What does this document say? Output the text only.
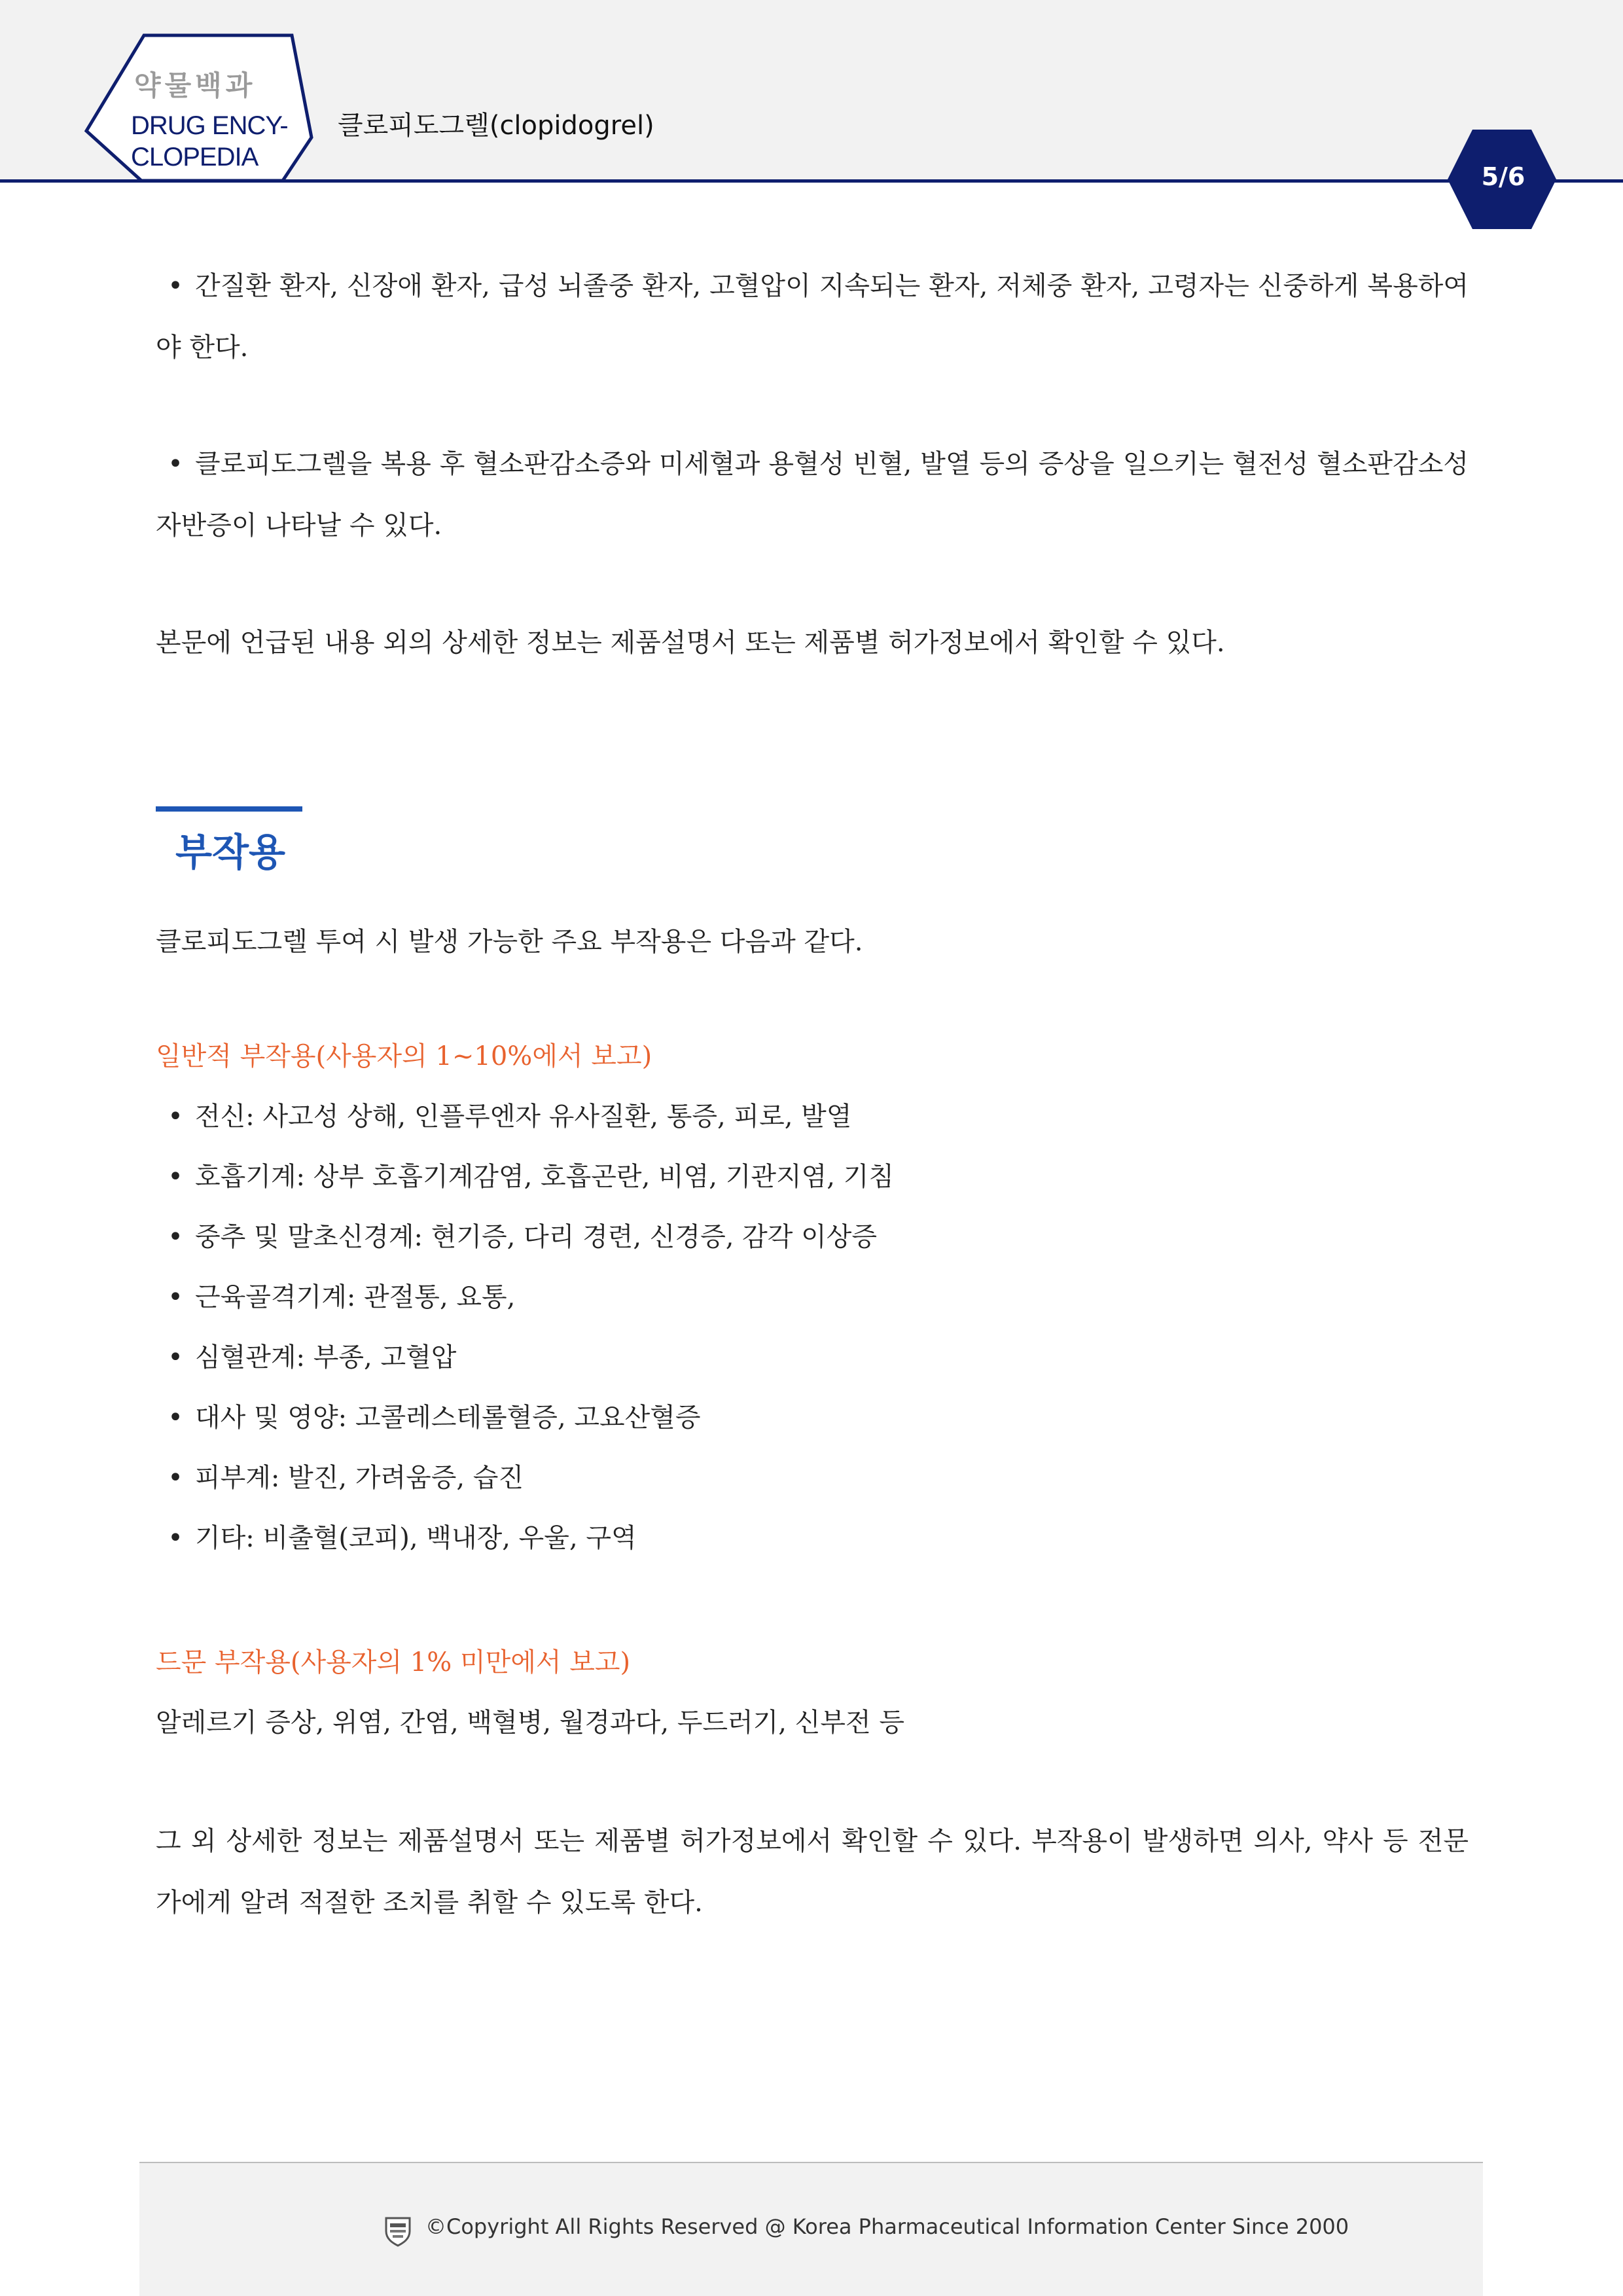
약물백과
DRUG ENCY-
CLOPEDIA
클로피도그렐(clopidogrel)
5/6

• 간질환 환자, 신장애 환자, 급성 뇌졸중 환자, 고혈압이 지속되는 환자, 저체중 환자, 고령자는 신중하게 복용하여야 한다.

• 클로피도그렐을 복용 후 혈소판감소증와 미세혈과 용혈성 빈혈, 발열 등의 증상을 일으키는 혈전성 혈소판감소성 자반증이 나타날 수 있다.

본문에 언급된 내용 외의 상세한 정보는 제품설명서 또는 제품별 허가정보에서 확인할 수 있다.

부작용

클로피도그렐 투여 시 발생 가능한 주요 부작용은 다음과 같다.

일반적 부작용(사용자의 1~10%에서 보고)
• 전신: 사고성 상해, 인플루엔자 유사질환, 통증, 피로, 발열
• 호흡기계: 상부 호흡기계감염, 호흡곤란, 비염, 기관지염, 기침
• 중추 및 말초신경계: 현기증, 다리 경련, 신경증, 감각 이상증
• 근육골격기계: 관절통, 요통,
• 심혈관계: 부종, 고혈압
• 대사 및 영양: 고콜레스테롤혈증, 고요산혈증
• 피부계: 발진, 가려움증, 습진
• 기타: 비출혈(코피), 백내장, 우울, 구역
드문 부작용(사용자의 1% 미만에서 보고)
알레르기 증상, 위염, 간염, 백혈병, 월경과다, 두드러기, 신부전 등

그 외 상세한 정보는 제품설명서 또는 제품별 허가정보에서 확인할 수 있다. 부작용이 발생하면 의사, 약사 등 전문가에게 알려 적절한 조치를 취할 수 있도록 한다.

©Copyright All Rights Reserved @ Korea Pharmaceutical Information Center Since 2000
